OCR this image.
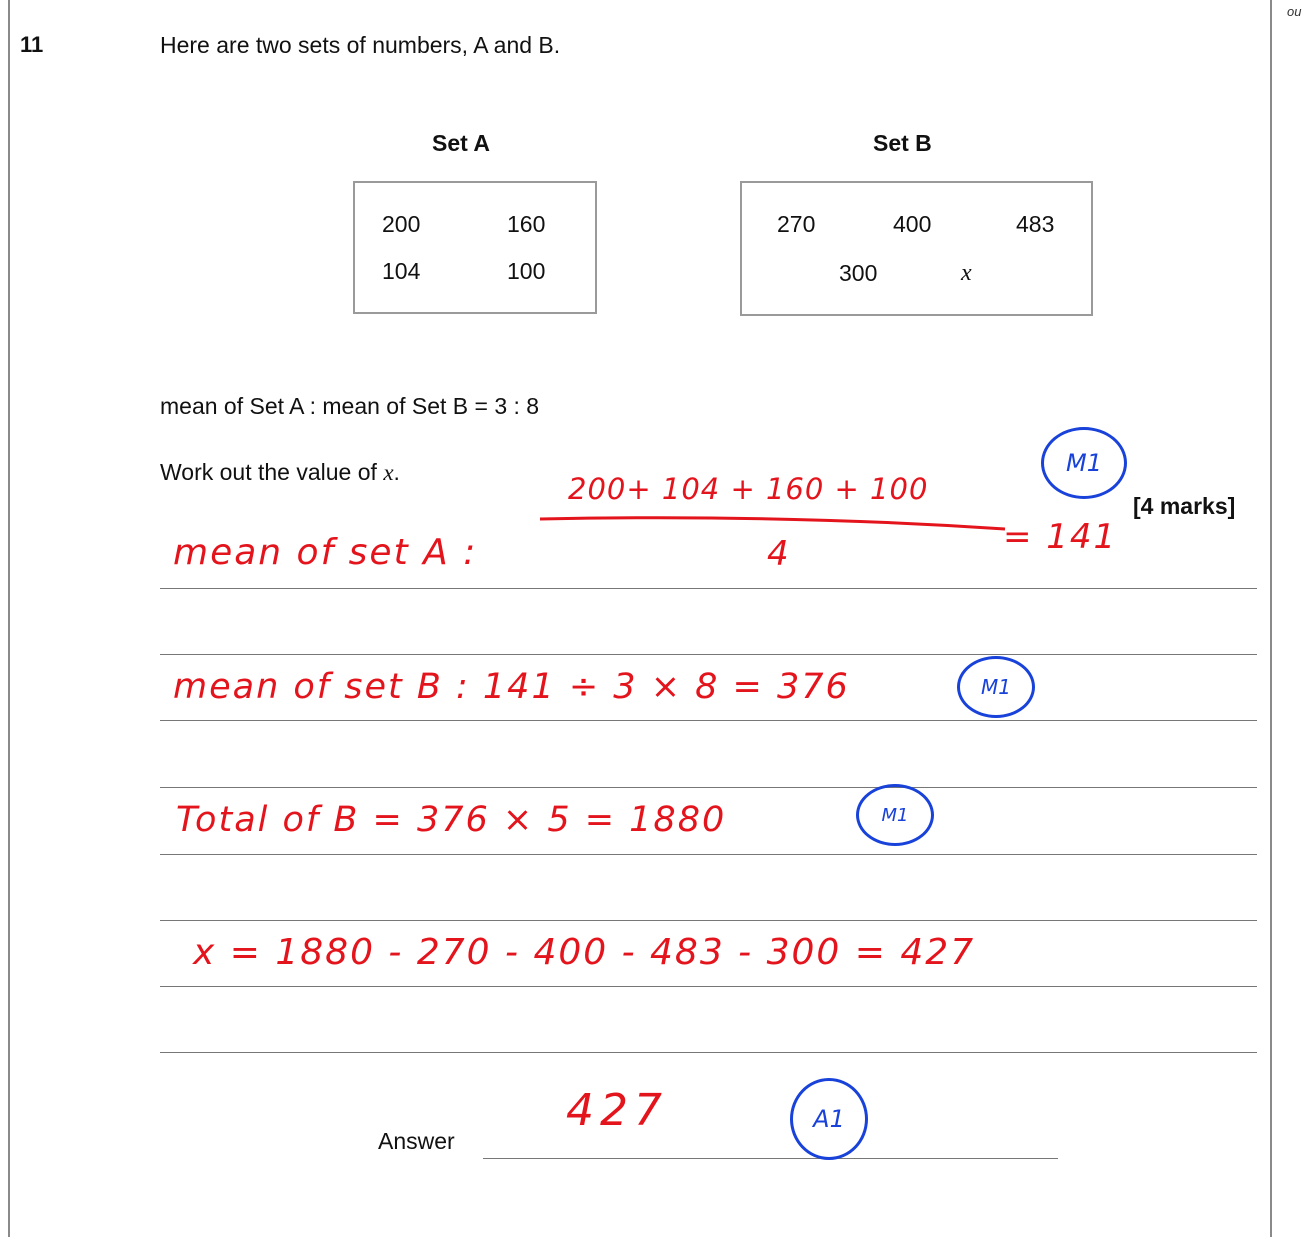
ou
11	Here are two sets of numbers, A and B.
Set A
200	160
104	100
Set B
270	400	483
300	x
mean of Set A : mean of Set B = 3 : 8
Work out the value of x.
[4 marks]
Answer
mean of set A :
200+ 104 + 160 + 100
4	= 141
mean of set B : 141 ÷ 3 × 8 = 376
Total of B = 376 × 5 = 1880
x = 1880 - 270 - 400 - 483 - 300 = 427
427
M1
M1
M1
A1
